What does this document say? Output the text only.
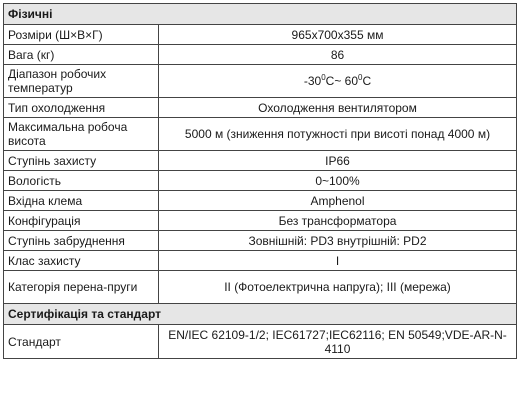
Фізичні	
Розміри (Ш×В×Г)	965x700x355 мм
Вага (кг)	86
Діапазон робочих температур	$-30^0C\sim$ $60^0C$
Тип охолодження	Охолодження вентилятором
Максимальна робоча висота	5000 м (зниження потужності при висоті понад 4000 м)
Ступінь захисту	IP66
Вологість	0~100%
Вхідна клема	Amphenol
Конфігурація	Без трансформатора
Ступінь забруднення	Зовнішній: PD3 внутрішній: PD2
Клас захисту	I
Категорія перена-пруги	II (Фотоелектрична напруга); III (мережа)
Сертифікація та стандарт	
Стандарт	EN/IEC 62109-1/2; IEC61727;IEC62116; EN 50549;VDE-AR-N-4110
